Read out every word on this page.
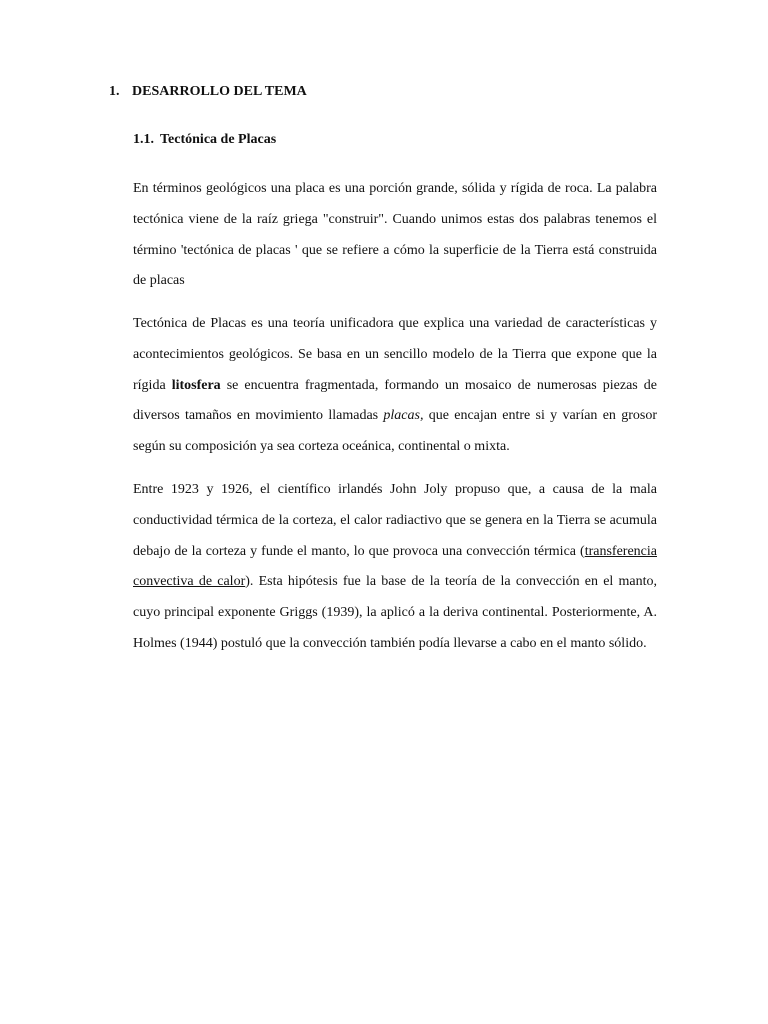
1. DESARROLLO DEL TEMA
1.1. Tectónica de Placas

En términos geológicos una placa es una porción grande, sólida y rígida de roca. La palabra tectónica viene de la raíz griega "construir". Cuando unimos estas dos palabras tenemos el término 'tectónica de placas ' que se refiere a cómo la superficie de la Tierra está construida de placas

Tectónica de Placas es una teoría unificadora que explica una variedad de características y acontecimientos geológicos. Se basa en un sencillo modelo de la Tierra que expone que la rígida litosfera se encuentra fragmentada, formando un mosaico de numerosas piezas de diversos tamaños en movimiento llamadas placas, que encajan entre si y varían en grosor según su composición ya sea corteza oceánica, continental o mixta.

Entre 1923 y 1926, el científico irlandés John Joly propuso que, a causa de la mala conductividad térmica de la corteza, el calor radiactivo que se genera en la Tierra se acumula debajo de la corteza y funde el manto, lo que provoca una convección térmica (transferencia convectiva de calor). Esta hipótesis fue la base de la teoría de la convección en el manto, cuyo principal exponente Griggs (1939), la aplicó a la deriva continental. Posteriormente, A. Holmes (1944) postuló que la convección también podía llevarse a cabo en el manto sólido.
